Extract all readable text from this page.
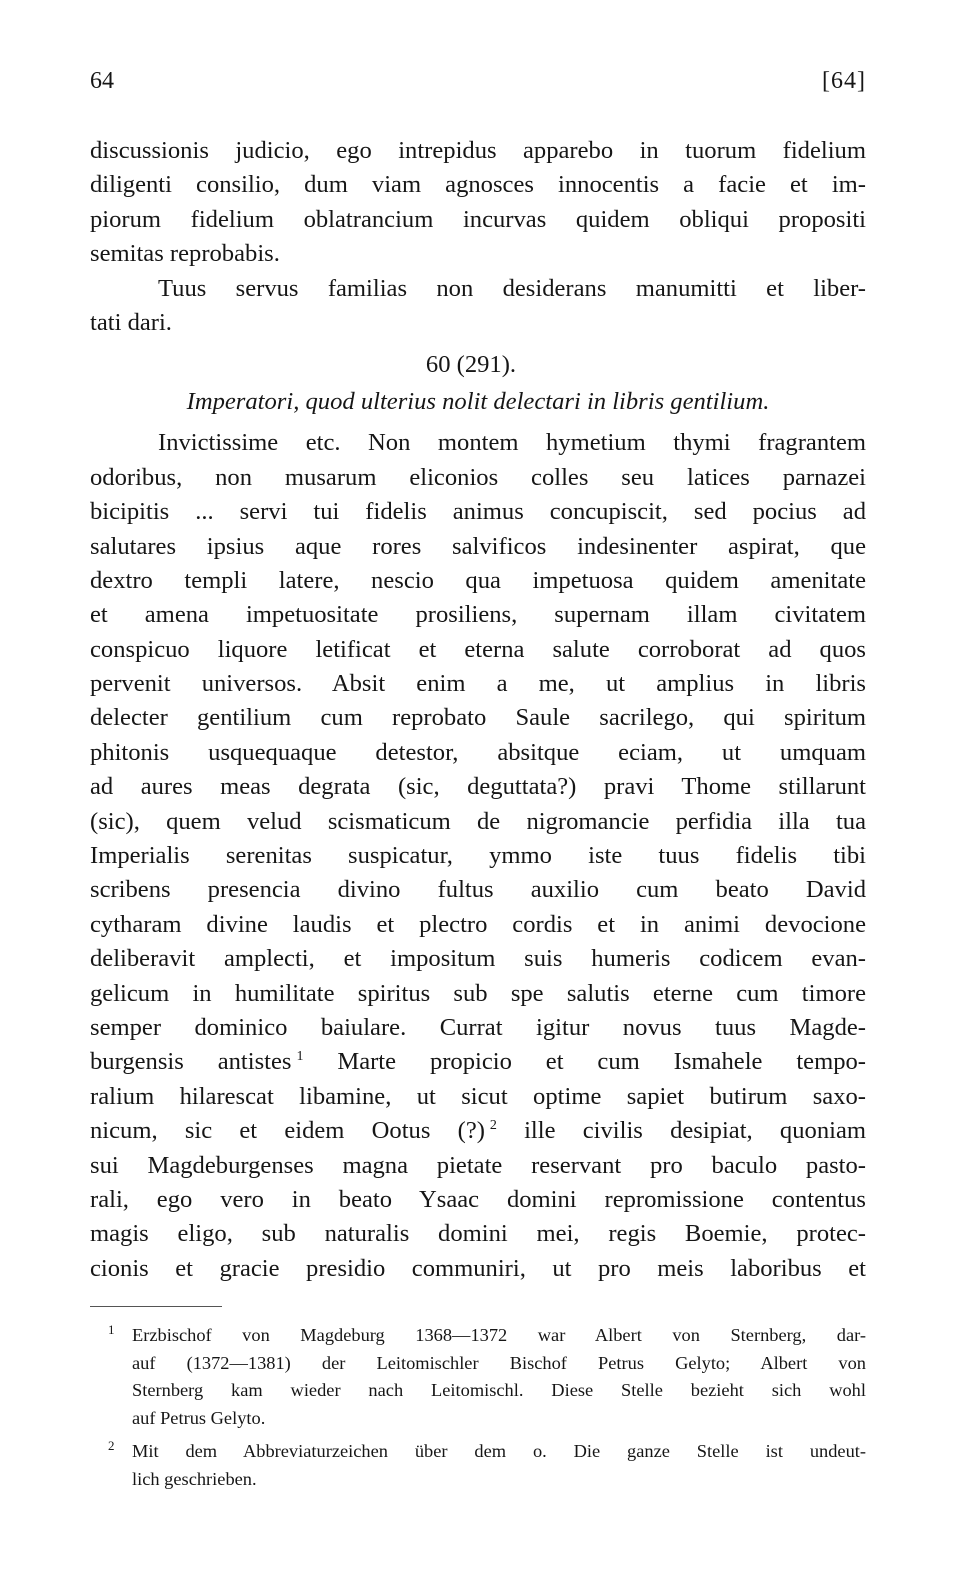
64	[64]
discussionis judicio, ego intrepidus apparebo in tuorum fidelium
diligenti consilio, dum viam agnosces innocentis a facie et im-
piorum fidelium oblatrancium incurvas quidem obliqui propositi
semitas reprobabis.
Tuus servus familias non desiderans manumitti et liber-
tati dari.
60 (291).
Imperatori, quod ulterius nolit delectari in libris gentilium.
Invictissime etc. Non montem hymetium thymi fragrantem
odoribus, non musarum eliconios colles seu latices parnazei
bicipitis ... servi tui fidelis animus concupiscit, sed pocius ad
salutares ipsius aque rores salvificos indesinenter aspirat, que
dextro templi latere, nescio qua impetuosa quidem amenitate
et amena impetuositate prosiliens, supernam illam civitatem
conspicuo liquore letificat et eterna salute corroborat ad quos
pervenit universos. Absit enim a me, ut amplius in libris
delecter gentilium cum reprobato Saule sacrilego, qui spiritum
phitonis usquequaque detestor, absitque eciam, ut umquam
ad aures meas degrata (sic, deguttata?) pravi Thome stillarunt
(sic), quem velud scismaticum de nigromancie perfidia illa tua
Imperialis serenitas suspicatur, ymmo iste tuus fidelis tibi
scribens presencia divino fultus auxilio cum beato David
cytharam divine laudis et plectro cordis et in animi devocione
deliberavit amplecti, et impositum suis humeris codicem evan-
gelicum in humilitate spiritus sub spe salutis eterne cum timore
semper dominico baiulare. Currat igitur novus tuus Magde-
burgensis antistes  $^1$ Marte propicio et cum Ismahele tempo-
ralium hilarescat libamine, ut sicut optime sapiet butirum saxo-
nicum, sic et eidem Ootus (?)  $^2$ ille civilis desipiat, quoniam
sui Magdeburgenses magna pietate reservant pro baculo pasto-
rali, ego vero in beato Ysaac domini repromissione contentus
magis eligo, sub naturalis domini mei, regis Boemie, protec-
cionis et gracie presidio communiri, ut pro meis laboribus et
1 Erzbischof von Magdeburg 1368—1372 war Albert von Sternberg, dar-
auf (1372—1381) der Leitomischler Bischof Petrus Gelyto; Albert von
Sternberg kam wieder nach Leitomischl. Diese Stelle bezieht sich wohl
auf Petrus Gelyto.
2 Mit dem Abbreviaturzeichen über dem o. Die ganze Stelle ist undeut-
lich geschrieben.
